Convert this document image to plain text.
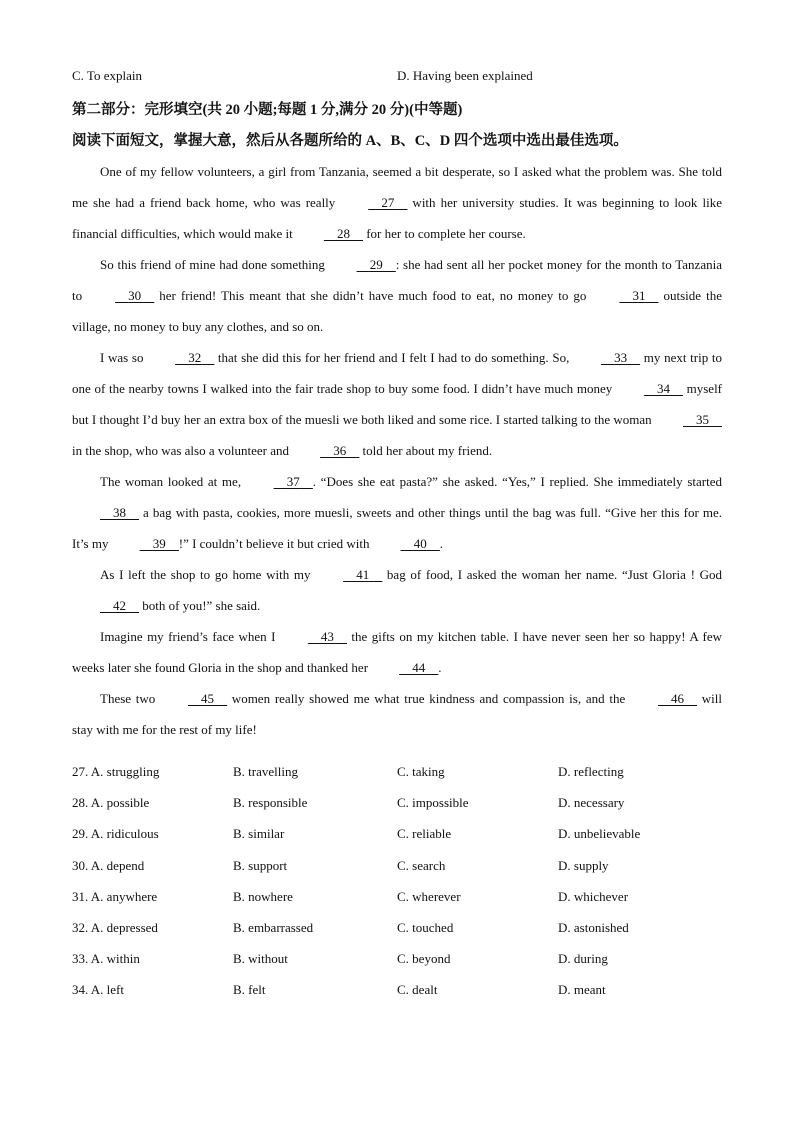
C. To explain	D. Having been explained
第二部分：完形填空(共 20 小题;每题 1 分,满分 20 分)(中等题)
阅读下面短文，掌握大意，然后从各题所给的 A、B、C、D 四个选项中选出最佳选项。

One of my fellow volunteers, a girl from Tanzania, seemed a bit desperate, so I asked what the problem was. She told me she had a friend back home, who was really	27 with her university studies. It was beginning to look like financial difficulties, which would make it	28 for her to complete her course.

So this friend of mine had done something	29 : she had sent all her pocket money for the month to Tanzania to	30 her friend! This meant that she didn’t have much food to eat, no money to go	31 outside the village, no money to buy any clothes, and so on.

I was so	32 that she did this for her friend and I felt I had to do something. So,	33 my next trip to one of the nearby towns I walked into the fair trade shop to buy some food. I didn’t have much money	34 myself but I thought I’d buy her an extra box of the muesli we both liked and some rice. I started talking to the woman	35 in the shop, who was also a volunteer and	36 told her about my friend.

The woman looked at me,	37 . “Does she eat pasta?” she asked. “Yes,” I replied. She immediately started 38 a bag with pasta, cookies, more muesli, sweets and other things until the bag was full. “Give her this for me. It’s my	39 !” I couldn’t believe it but cried with	40 .

As I left the shop to go home with my	41 bag of food, I asked the woman her name. “Just Gloria ! God 42 both of you!” she said.

Imagine my friend’s face when I	43 the gifts on my kitchen table. I have never seen her so happy! A few weeks later she found Gloria in the shop and thanked her	44 .

These two	45 women really showed me what true kindness and compassion is, and the	46 will stay with me for the rest of my life!

27. A. struggling	B. travelling	C. taking	D. reflecting
28. A. possible	B. responsible	C. impossible	D. necessary
29. A. ridiculous	B. similar	C. reliable	D. unbelievable
30. A. depend	B. support	C. search	D. supply
31. A. anywhere	B. nowhere	C. wherever	D. whichever
32. A. depressed	B. embarrassed	C. touched	D. astonished
33. A. within	B. without	C. beyond	D. during
34. A. left	B. felt	C. dealt	D. meant
